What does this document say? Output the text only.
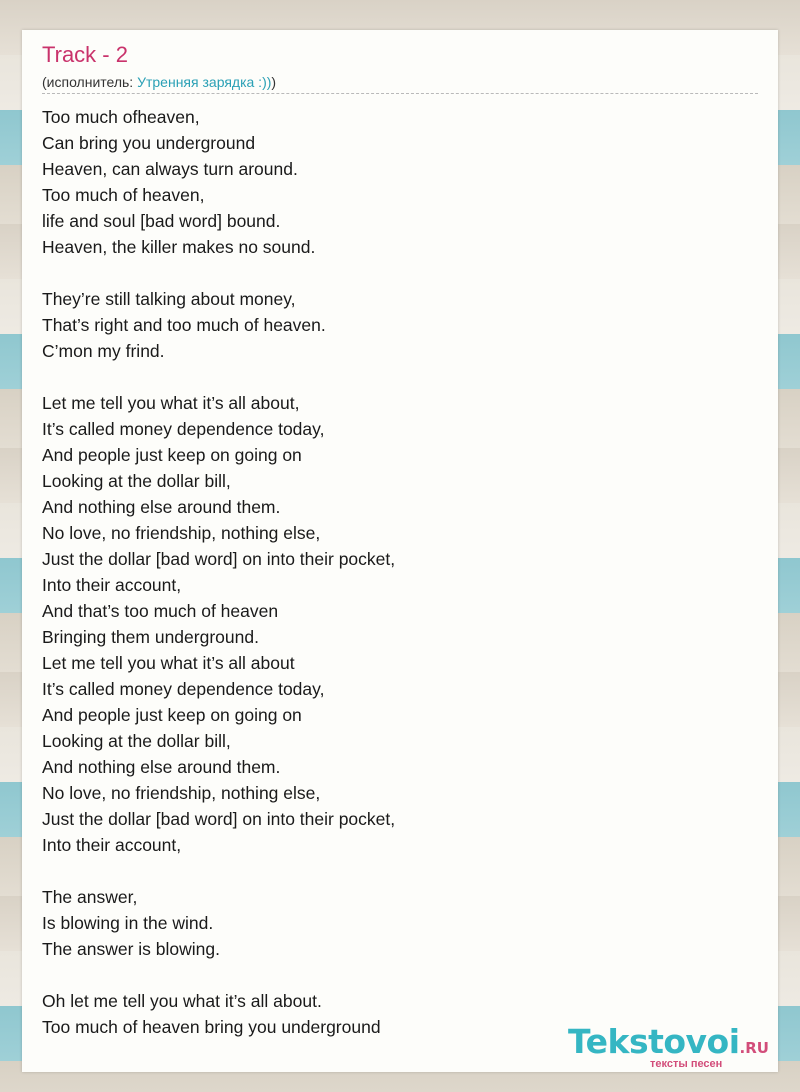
Track - 2
(исполнитель: Утренняя зарядка :)))
Too much ofheaven,
Can bring you underground
Heaven, can always turn around.
Too much of heaven,
life and soul [bad word] bound.
Heaven, the killer makes no sound.
They’re still talking about money,
That’s right and too much of heaven.
C’mon my frind.
Let me tell you what it’s all about,
It’s called money dependence today,
And people just keep on going on
Looking at the dollar bill,
And nothing else around them.
No love, no friendship, nothing else,
Just the dollar [bad word] on into their pocket,
Into their account,
And that’s too much of heaven
Bringing them underground.
Let me tell you what it’s all about
It’s called money dependence today,
And people just keep on going on
Looking at the dollar bill,
And nothing else around them.
No love, no friendship, nothing else,
Just the dollar [bad word] on into their pocket,
Into their account,
The answer,
Is blowing in the wind.
The answer is blowing.
Oh let me tell you what it’s all about.
Too much of heaven bring you underground	Tekstovoi.RU
тексты песен
